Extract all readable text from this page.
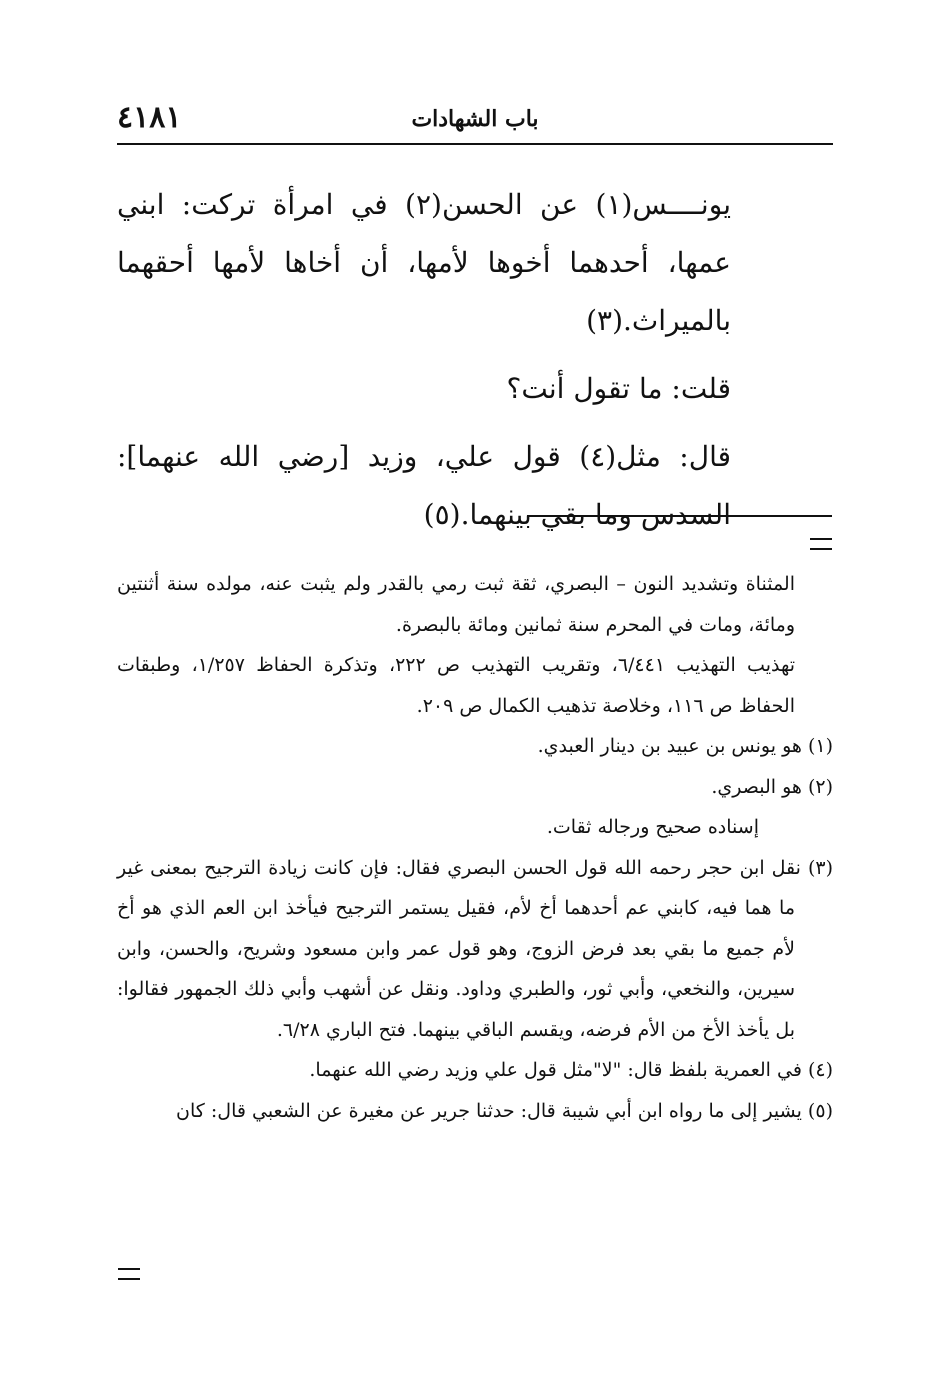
باب الشهادات
٤١٨١

يونــــس(١) عن الحسن(٢) في امرأة تركت: ابني عمها، أحدهما أخوها لأمها، أن أخاها لأمها أحقهما بالميراث.(٣)

قلت: ما تقول أنت؟

قال: مثل(٤) قول علي، وزيد [رضي الله عنهما]: السدس وما بقي بينهما.(٥)

المثناة وتشديد النون – البصري، ثقة ثبت رمي بالقدر ولم يثبت عنه، مولده سنة أثنتين ومائة، ومات في المحرم سنة ثمانين ومائة بالبصرة.

تهذيب التهذيب ٦/٤٤١، وتقريب التهذيب ص ٢٢٢، وتذكرة الحفاظ ١/٢٥٧، وطبقات الحفاظ ص ١١٦، وخلاصة تذهيب الكمال ص ٢٠٩.

(١) هو يونس بن عبيد بن دينار العبدي.

(٢) هو البصري.

إسناده صحيح ورجاله ثقات.

(٣) نقل ابن حجر رحمه الله قول الحسن البصري فقال: فإن كانت زيادة الترجيح بمعنى غير ما هما فيه، كابني عم أحدهما أخ لأم، فقيل يستمر الترجيح فيأخذ ابن العم الذي هو أخ لأم جميع ما بقي بعد فرض الزوج، وهو قول عمر وابن مسعود وشريح، والحسن، وابن سيرين، والنخعي، وأبي ثور، والطبري وداود. ونقل عن أشهب وأبي ذلك الجمهور فقالوا: بل يأخذ الأخ من الأم فرضه، ويقسم الباقي بينهما. فتح الباري ٦/٢٨.

(٤) في العمرية بلفظ قال: "لا"مثل قول علي وزيد رضي الله عنهما.

(٥) يشير إلى ما رواه ابن أبي شيبة قال: حدثنا جرير عن مغيرة عن الشعبي قال: كان
